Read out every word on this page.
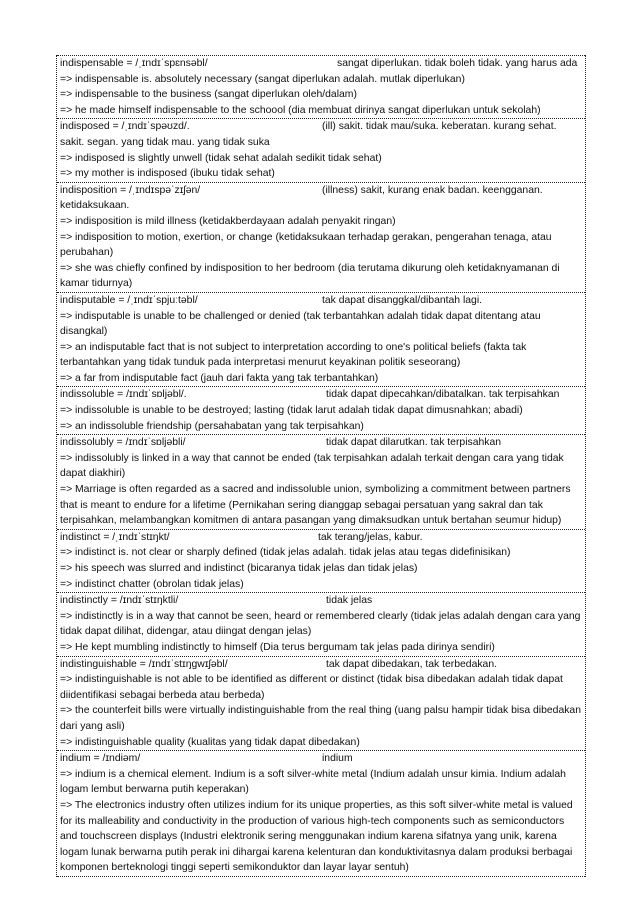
indispensable = /ˌɪndɪˈspɛnsəbl/	sangat diperlukan. tidak boleh tidak. yang harus ada
=> indispensable is. absolutely necessary (sangat diperlukan adalah. mutlak diperlukan)
=> indispensable to the business (sangat diperlukan oleh/dalam)
=> he made himself indispensable to the schoool (dia membuat dirinya sangat diperlukan untuk sekolah)
indisposed = /ˌɪndɪˈspəʊzd/.	(ill) sakit. tidak mau/suka. keberatan. kurang sehat. sakit. segan. yang tidak mau. yang tidak suka
=> indisposed is slightly unwell (tidak sehat adalah sedikit tidak sehat)
=> my mother is indisposed (ibuku tidak sehat)
indisposition = /ˌɪndɪspəˈzɪʃən/	(illness) sakit, kurang enak badan. keengganan. ketidaksukaan.
=> indisposition is mild illness (ketidakberdayaan adalah penyakit ringan)
=> indisposition to motion, exertion, or change (ketidaksukaan terhadap gerakan, pengerahan tenaga, atau perubahan)
=> she was chiefly confined by indisposition to her bedroom (dia terutama dikurung oleh ketidaknyamanan di kamar tidurnya)
indisputable = /ˌɪndɪˈspjuːtəbl/	tak dapat disanggkal/dibantah lagi.
=> indisputable is unable to be challenged or denied (tak terbantahkan adalah tidak dapat ditentang atau disangkal)
=> an indisputable fact that is not subject to interpretation according to one's political beliefs (fakta tak terbantahkan yang tidak tunduk pada interpretasi menurut keyakinan politik seseorang)
=> a far from indisputable fact (jauh dari fakta yang tak terbantahkan)
indissoluble = /ɪndɪˈsɒljəbl/.	tidak dapat dipecahkan/dibatalkan. tak terpisahkan
=> indissoluble is unable to be destroyed; lasting (tidak larut adalah tidak dapat dimusnahkan; abadi)
=> an indissoluble friendship (persahabatan yang tak terpisahkan)
indissolubly = /ɪndɪˈsɒljəbli/	tidak dapat dilarutkan. tak terpisahkan
=> indissolubly is linked in a way that cannot be ended (tak terpisahkan adalah terkait dengan cara yang tidak dapat diakhiri)
=> Marriage is often regarded as a sacred and indissoluble union, symbolizing a commitment between partners that is meant to endure for a lifetime (Pernikahan sering dianggap sebagai persatuan yang sakral dan tak terpisahkan, melambangkan komitmen di antara pasangan yang dimaksudkan untuk bertahan seumur hidup)
indistinct = /ˌɪndɪˈstɪŋkt/	tak terang/jelas, kabur.
=> indistinct is. not clear or sharply defined (tidak jelas adalah. tidak jelas atau tegas didefinisikan)
=> his speech was slurred and indistinct (bicaranya tidak jelas dan tidak jelas)
=> indistinct chatter (obrolan tidak jelas)
indistinctly = /ɪndɪˈstɪŋktli/	tidak jelas
=> indistinctly is in a way that cannot be seen, heard or remembered clearly (tidak jelas adalah dengan cara yang tidak dapat dilihat, didengar, atau diingat dengan jelas)
=> He kept mumbling indistinctly to himself (Dia terus bergumam tak jelas pada dirinya sendiri)
indistinguishable = /ɪndɪˈstɪŋgwɪʃəbl/	tak dapat dibedakan, tak terbedakan.
=> indistinguishable is not able to be identified as different or distinct (tidak bisa dibedakan adalah tidak dapat diidentifikasi sebagai berbeda atau berbeda)
=> the counterfeit bills were virtually indistinguishable from the real thing (uang palsu hampir tidak bisa dibedakan dari yang asli)
=> indistinguishable quality (kualitas yang tidak dapat dibedakan)
indium = /ɪndiəm/	indium
=> indium is a chemical element. Indium is a soft silver-white metal (Indium adalah unsur kimia. Indium adalah logam lembut berwarna putih keperakan)
=> The electronics industry often utilizes indium for its unique properties, as this soft silver-white metal is valued for its malleability and conductivity in the production of various high-tech components such as semiconductors and touchscreen displays (Industri elektronik sering menggunakan indium karena sifatnya yang unik, karena logam lunak berwarna putih perak ini dihargai karena kelenturan dan konduktivitasnya dalam produksi berbagai komponen berteknologi tinggi seperti semikonduktor dan layar layar sentuh)
